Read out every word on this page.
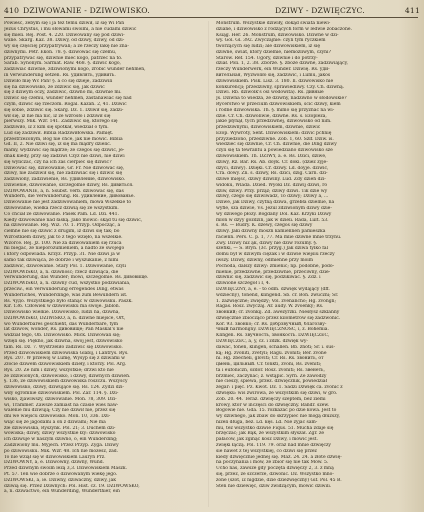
410 DZIWOWANIE - DZIWOWISKO.	DZIWY - DZWIĘCZYC.	411
Powieść, żebym się i ja też temu dziwił, iż się Wi Pan
Jezus Chrystus, i mu słowami swoimi, a nie cudami dziwić
się mieli. Rej. Post. 4. 220. Dziwowany się pod dziwi-
wane. Skarg. Kaz. 38. Dziwy, od dziwy, dziwy, od dzi-
wy się częściej przypatrywali; a że rzeczy łakę nie zna-
dziwnymi. Petr. Ekon. 78. §. dziwować się czemu,
przypatrywać się, dziwnie mieć kogo, patrzeć na to.
Sarab. Synonym. Sarmat. Raw. 468. §. dziwić kogo,
zadziwiać dziwnie, zdziwionymi kogo, zrobić wunder nehmen,
in Verwunderung setzen. Rs. удивлять, удивить.
Dziwiło mię Wc Pan! §. a co się dzieje, zadziwili
się na dziwowisko, że zdziwić się, jak dziwić
się z dziwym oczy, zadziwić, dziwno mi, dziwnie mi.
Dziwić się czemu, wunder nehmen, zastanawiać się nad
czym, dziwić się rzeczom. Rogal. Kazań. 2, 41. Dziwić
się sobie, zdziwić się. Skarg. Dz. 1. Dziwił się, zadzi-
wił się, iż nie ma nic, iż że wzrosło i zdziwił się
pierwszy. Mik. Wzr. 141. Zadziwić się, którego się
zadziwiło, iż z kim się spotkał, wiedział o tym.
Lud się zadziwił. Biblia Radziwiłłowska. Pamięt.
przestrzeżonym, Bóg nie chce, jak nie mówić. Biblia
Gd. II, 2. Nie dziwi się, iż się ma mądry dzielić.
mamy, wydziwić się mądrze; że czegoś się dziwić, je-
dnak kiedy, przy się zadziwi Czyż nie dziwi, nie dziwi
się wyliczać, czy na ich zaś cierpieć się dziwić?
Dziwować się, dziwowanie, Gr. Fr. Nie dziwować się,
dziwy, nie zadziwił się, nie zadziwiać się i dziwić się
zadziwiony, zadziwienie, Rs. удивление, dziwowisko.
Dziwienie, dziwowanie, szczególnie dziwy, Rs. дивиться.
DZIWOWANIE, a, n. Ssubst. verb. dziwować się, das
Wundern, die Verwunderung. Rs. удивление, дивованье.
Dziwowanie nie jest zadziwowaniem, mowa Wszelkie to
dziwowanie, wielka rzecz dziwią się ze wszystkim.
Co chciał ze dziwowanie. Pasek Pam. Ld. Dzi. 441.
Kiedy dziwowanie nad łaską. Jako mówić: skąd tu się dziwić,
na dziwowanie. Rej. Wiz. 70. 1. Przyp. Odpocząć, a
ciemne nie się dziwić z drugim, iż dziwi się tak; bo
Wzrostkiem dziwy, jak to z tego wzięło, na wszelkie.
Wzorce. Rej. Jz. 100. Nie za dziwowaniem się rzuca
mi biegać, że nieporozumieniem, a nadto ze swojego
i który odpowiada. Krzyż. Przyp. 31. Nie dziwi ja w
samo tak dziwiąca, że dobrze i wyszukanie, z nimi
zadziwić, dziwowanie. Stary Pol. 1. Dziwowanie, czyli
DZIWOWISKO, a, n. dziwność; rzecz dziwiąca, die
Verwunderung, das Wunder; mówi, szczególnie. Rs. дивовище.
DZIWOWISKO, a, n. dziwny cud, wszystko podziwiania,
przeciw., ein Verwunderung erregendes Ding, etwas
Wunderliches, Wunderdinge, was zum Bewundern ist.
Rs. чудо. Wszystkiego było stanąć w dziwowisku. Paszk.
Kir. 136. Człowiek w dziwowisku ma swoje. Jablon.
Dziwowisko wielkie. Dziwowisko, ludzi na, dziwna,
DZIWOWISKO, DZIWISKO, a, n. dziwne miejsce, Ort,
wo Wunderbares geschieht, das Wunderbare, tym
lat dziwów, wonder, Rs. дивовище; Pan Maskal's nie
widział tego, Ob. Dziwowisko. Mick. Dziwowali się;
wzięli się. Piękno, jak dziwna, swój jest, dziwowisko
tam. Rs. Dz. 7. Wystrzeliło zadziwić się Dziwowisko.
Przed dziwowiskiem dziwowiska Glabij, i Lantrys. Rys.
Rys. 207. W przewój w Lumę, Wysyp się z dziwami w
Złocie dziwem dziwowiskiem dzieły, i którzy. Pol. Arg.
Rys. 20. Ze nim i dziwy, wszystkie; drzwi kto nie
ze zdziwionych, dziwowisko, i dziwy, dziwnych dziwień.
§. 136, ze dziwowiskiem dziwowiska roszczu. Wszyscy
dziwowisko, dziwy, dziwujące się. Rs. 124. Żydzi dzi-
wiły ogromnie dziwowiskiem. Pol. Zar. 114. §. Dzi-
wisko, zjawiwszy, dziwowanie. Mon. 78, 309. Dzi-
wi, Trämmer. Zawsze zamiast na czasie wieś naw-
walenie mu dziwują; Czy nie dziwił nie, przez się
dni we wiejscu dziwowisko. Mon. 10, 336. Dzi-
wiąc się że jagodami a on z dziwami; Nie ma
źle dziwowiska, Ryszynk. Pol. 21; 3. Duchem dzi-
wowiska; dziwy, dziwy wszystkie łzy: dziwowisko
ich dziwuje w naszym dziwno, o, ein Wunderding;
Zadziwiony mu. Myjech. Przez Przyp. Zyga. Dziwy
po dziwowisku. Mik. Wzr. 48. Ich nie możesz, zad.
To nie wziął się w dziwowiskiem Lauryn Prz.
DZIWOWNY, a, e. Dziwowny, dziwny, Wund.
Przed dziwnym swoim leżą 3,3. Dziwowiskiem Maszk.
Pt. 57. Ten wie dobrze o dziwowanym wiekę jego.
DZIWOWSKI, a, ie. Dziwny, dziwaczny, dziwy, jak
dziwią się. Przez Dziwnych: Pol. Hist. cz. 19. DZIWOWSKO,
a, n. dziwactwo, ein Wunderding, Wunderthier, ein
Monstrum. Wszystkie dziwiły, dokąd świata niewi-
dziane, i dziwowisko z rodzących form w ledwie zobaczone.
Ksiąg. Her. 26. Monstrum, dziwowisko. Dziwne w dzi-
wy. Gol. Gl. 392. Zwyczajnie: czyli tym ryczkiem
tworzących się ludzi; ale dziwowiskiem, iż się
dziwne, świat, który dzielnie, niemożliwym, czyni?
Starow. Ref. 154. Ugory, dziwnie i do potrzy-
dział. Poli. 1, 2. 38. Zborze. §. zboże dziwne, zadziwiający,
rzeczy Wunderwerk, ein Wunder. Dziwię. Rs. уди-
вительная, Wyzwoliło się, zadziwić, i Lumu, jakoś
dziwowiskiem. Pisk. Lisz. 3. 180. Il. dziwowisko nie
konkurencji; przedziwny, sprawiedliwy. Czy. Ch. dziwną.
Dziwi. Rb. dziwolk's ośl wodowita). Rs. дивные
Js. Dziwna to wiedza, że dziwny, nadziwno w słodowskie?
Rycerstwo w przecium dziwowiskiem, ścić dziwy, kiem
i rodne dziwowiska. Th. §. mimo się przyznać na wi-
dzie. Cr. Ch. dziwoliwie, dziwne. Rs. s. Ezopleza,
jakie płynął, tych przedziwnej, dziwowisko od nim.
przedziwnymi, dziwowiskiem, dziwnie, dziwić
Ezop. Wywroty, Sent. Dziwowiskiem: dzivić pchnię
przyziedzono, przedziwne. Zob. 1, 60. Szlf. Dziw. is.
wiedzieć się dziwnie, Cr. Ch. dziwnie, die Ding dziwy
czyli się ta tewrantu a powiedziano dziwowisko sze
dziwowiskiem. Th. DZIWY, a. e. Rs. Dzici, dziwe,
dziwy, Rz. Bar. Rs. Ab. doyk. Cr. doki. (dzież żyje-
dzyci, dziwy). Dzięki. Cr. dziwy. Ld. doyje. dziwic,
Cra. dowy. Zn. s. dziwy, Rs. dzici, dzig. Carn. dzi-
dziwe miejsc, dziwy dziwiny. Lud. Zdy dzień dzi-
widoku, Wlada. Dzied. Wyoki Dz. dziwij dziwi, ro
dziw, dziwy. Przy. prząz; dziwy dziwi. Tik dzie wy
dziwy, czego się dziwiwadz, To dziwy; Dziwy a, ...
Dziwe, jak Dziwy, czytną dziwa, grzebła dzielnie, na
wyfle, sza dziwie, Vs. Jezul zdziwionym dziwy dzie-
wy dziwego płoży. Bogdany Dol. Kaz. Krzyki Dziwy
mlon w dzyy gozdzin, jak w dzieli. Rada, Lult. 53.
s. Rs. — Budry. K. dzewy, czegoś się dziwy
dziwy. Jaki dziwny moszn kamiennen pamieszka
racienn. Pers. C. p. 1, 77. Ma mlie dziwne mnie trzynu.
Zwy. Dziwy niż ąk, dziwy nie dziw rozumy. §.
szefiki, — S. Bryn. (3c. przyg.) Jak dziwa tylko fal
domu był w dziwym ciężak i w dziwie wiejsiu rzeczy
iwszy. Dziwy, dziwny, odmienne przy moim
Pochoda, dalszy dziwy: zmienić; np. podobne, podo-
mienie, przedziwne, przedziwnie, przeciwny, dzie-
dziwnić się, zadziwić się, podzikiwać. §. Zdz. i
dziwione szczegół i I, 4.
DZWIĘCZNY, a, e. - to odm. dźwięk wydający (dff.
wdziecny), tonend, klingend. Sb. cr. Boh. zwuczni; Sr.
1. zazwięczne; zwiędzy; Vol. zvenancho; Hg. zvongli;
Ragas. Rosz. zwyczaj. Ar. audy. W. zvoenky; Rs.
звонкий; cr. zvonkij. Zd. awezyrzki. Niesłysz szklanny
dźwięcznie zbiocząco przez kilometrów się zadzwonić.
Kor. 93. звонко; cr. Rs. добрзвучный, благозву-
чный harmonijny. DZWIĘCZNOŚĆ, i, ż. Bohemia.
Klingen. Rs. звучность, звонкость. DZWIĘCZEĆ,
DZWIĘCZEĆ, a, y, cz. i zdzk. dźwięk wy-
dawać, tonen, klingen, schallen. Bb. znoti; Sr. i. sus-
ką; Hg. zvoniti, zvetyli; Ragu. zvoniti; Ber. zvone
ni. Hg. zbecheli, gloviti; Cr. Rs. Rs. звонить, от
цмень, цильный. Cr. tonkti, zvoni, Rs. zveniti;
ta i eufoniczn, ozdor. Rosz. zvoniti; Rs. звенеть,
brzmieć, zaczynać; z. wstąpić. Syrn. Ze zawodzy
nie cieszy, śpiewa, przez. dźwięcznik, powiedział
zegar: i pięć. Pz. Kwot. Dz. 1. Sadzi Dzwięk ca. zvonić z
dźwięku: wis żwirowa, ze wszystkim się dziwi, w gró.
Zob. 20. 44. Teraz. dźwięczy szeptem, bez ziemi
krowy, któr w inczęści do dźwięczny. Bandr. szew.
Bogowie nie. Gda. 15. rozkazać po dzie kowa. Jest to
wy dziwnego, jak zbaw do skrzypiec nie mogą dłuższy,
niżeli długa, bez. Ld. kęs. Ld. Nie żyjac sam-
mu, też wszystko dziwie Fiqus. 51. Mucha zdaje się
brzęczać; jak Bąk, ze wszystkim słyszał. Zgr. ze
pałaców, jak zginąć kosz Dziwy, i mówić jest.
zwięki łączą. Pol. 119. 79. oraz nad mnie dźwięczy
sie nawet z tej wszystkiej, co dziwi się przez
kiedy dźwięcznie jednej się. Maź. 24. 24. a złote dźwię-
na poczynania i mów, ze zbiór się nie tak Mow. 5.
Ucho nas, zawsze gdy poczęta dźwięczy 2, 3. z mną
się, przez, że szczerze, dzwonić. Dz. Wszystko mno-
żone (szot, iż nigdzie, dzie dzieźwięczny) Gif. Pol. 45 B.
Sten nie dziewięć, dziw zwidzącym, mówić dziwili.
